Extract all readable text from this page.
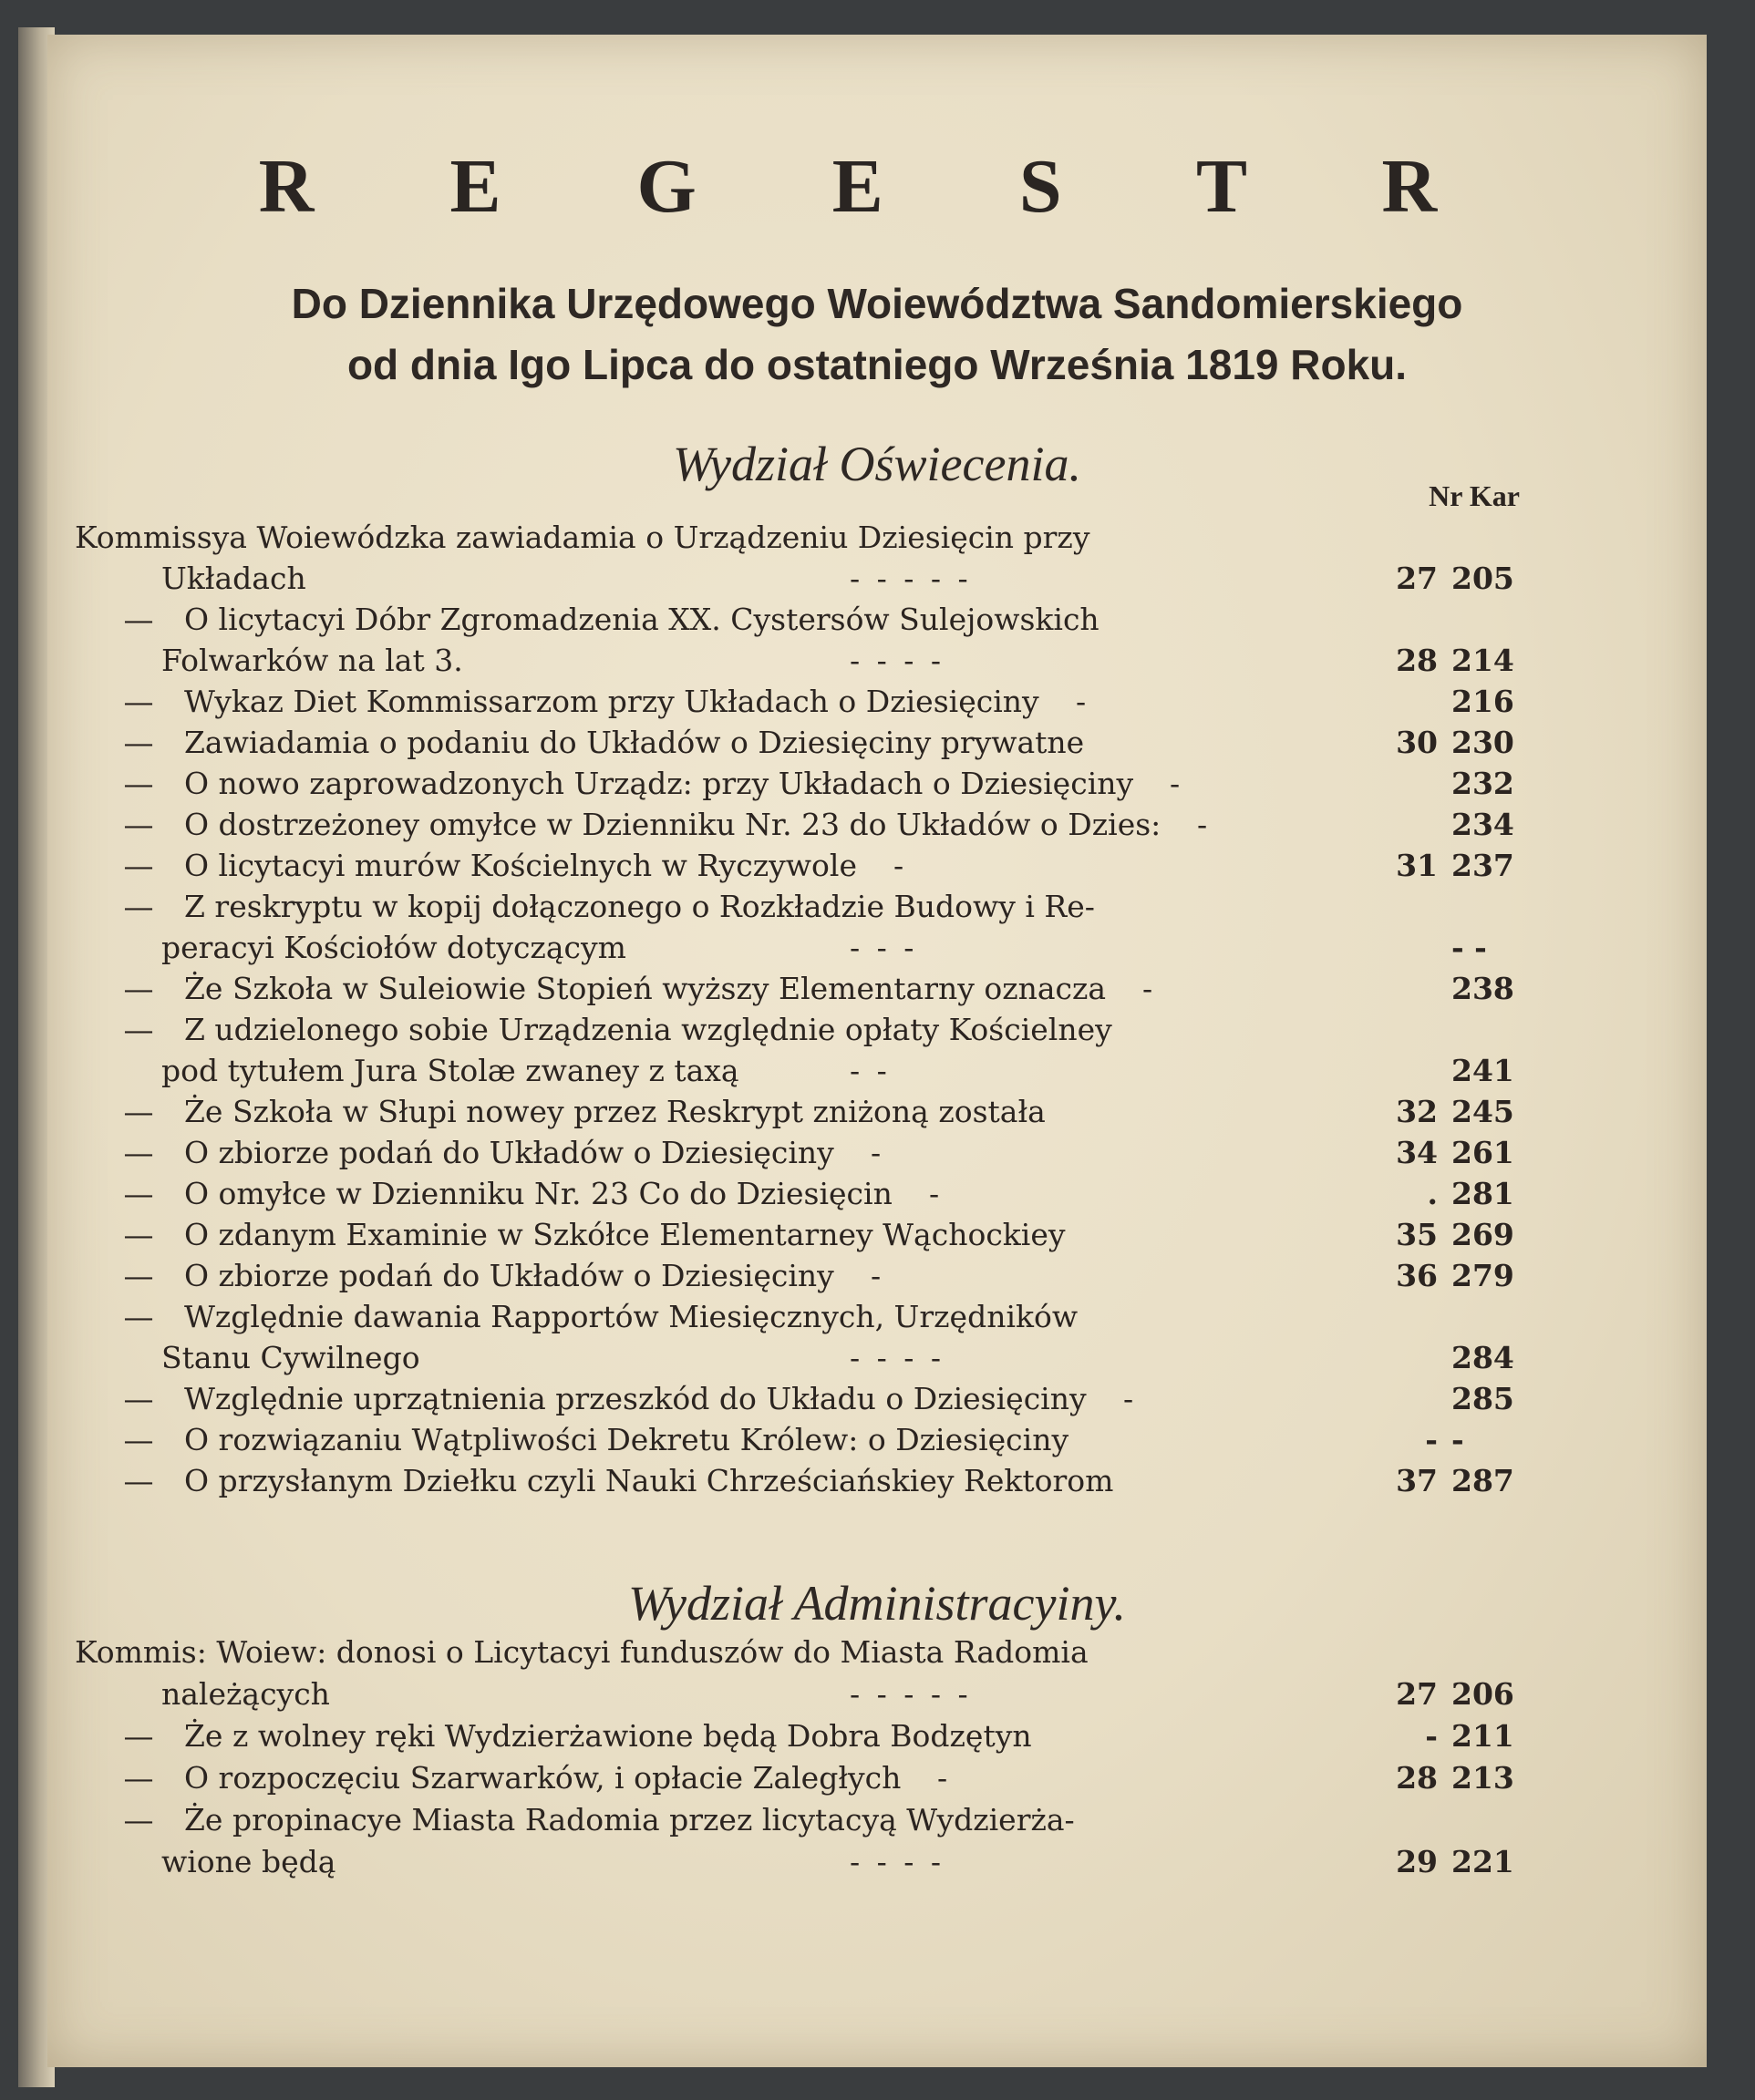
R E G E S T R
Do Dziennika Urzędowego Woiewództwa Sandomierskiego
od dnia Igo Lipca do ostatniego Września 1819 Roku.
Wydział Oświecenia.
Nr Kar
Kommissya Woiewódzka zawiadamia o Urządzeniu Dziesięcin przy
Układach	- - - - -	27 205
— O licytacyi Dóbr Zgromadzenia XX. Cystersów Sulejowskich
Folwarków na lat 3.	- - - -	28 214
— Wykaz Diet Kommissarzom przy Układach o Dziesięciny -	216
— Zawiadamia o podaniu do Układów o Dziesięciny prywatne	30 230
— O nowo zaprowadzonych Urządz: przy Układach o Dziesięciny -	232
— O dostrzeżoney omyłce w Dzienniku Nr. 23 do Układów o Dzies: -	234
— O licytacyi murów Kościelnych w Ryczywole -	31 237
— Z reskryptu w kopij dołączonego o Rozkładzie Budowy i Re-
peracyi Kościołów dotyczącym	- - -	- -
— Że Szkoła w Suleiowie Stopień wyższy Elementarny oznacza -	238
— Z udzielonego sobie Urządzenia względnie opłaty Kościelney
pod tytułem Jura Stolæ zwaney z taxą	- -	241
— Że Szkoła w Słupi nowey przez Reskrypt zniżoną została	32 245
— O zbiorze podań do Układów o Dziesięciny -	34 261
— O omyłce w Dzienniku Nr. 23 Co do Dziesięcin -	. 281
— O zdanym Examinie w Szkółce Elementarney Wąchockiey	35 269
— O zbiorze podań do Układów o Dziesięciny -	36 279
— Względnie dawania Rapportów Miesięcznych, Urzędników
Stanu Cywilnego	- - - -	284
— Względnie uprzątnienia przeszkód do Układu o Dziesięciny -	285
— O rozwiązaniu Wątpliwości Dekretu Królew: o Dziesięciny	- -
— O przysłanym Dziełku czyli Nauki Chrześciańskiey Rektorom	37 287
Wydział Administracyiny.
Kommis: Woiew: donosi o Licytacyi funduszów do Miasta Radomia
należących	- - - - -	27 206
— Że z wolney ręki Wydzierżawione będą Dobra Bodzętyn	- 211
— O rozpoczęciu Szarwarków, i opłacie Zaległych -	28 213
— Że propinacye Miasta Radomia przez licytacyą Wydzierża-
wione będą	- - - -	29 221
